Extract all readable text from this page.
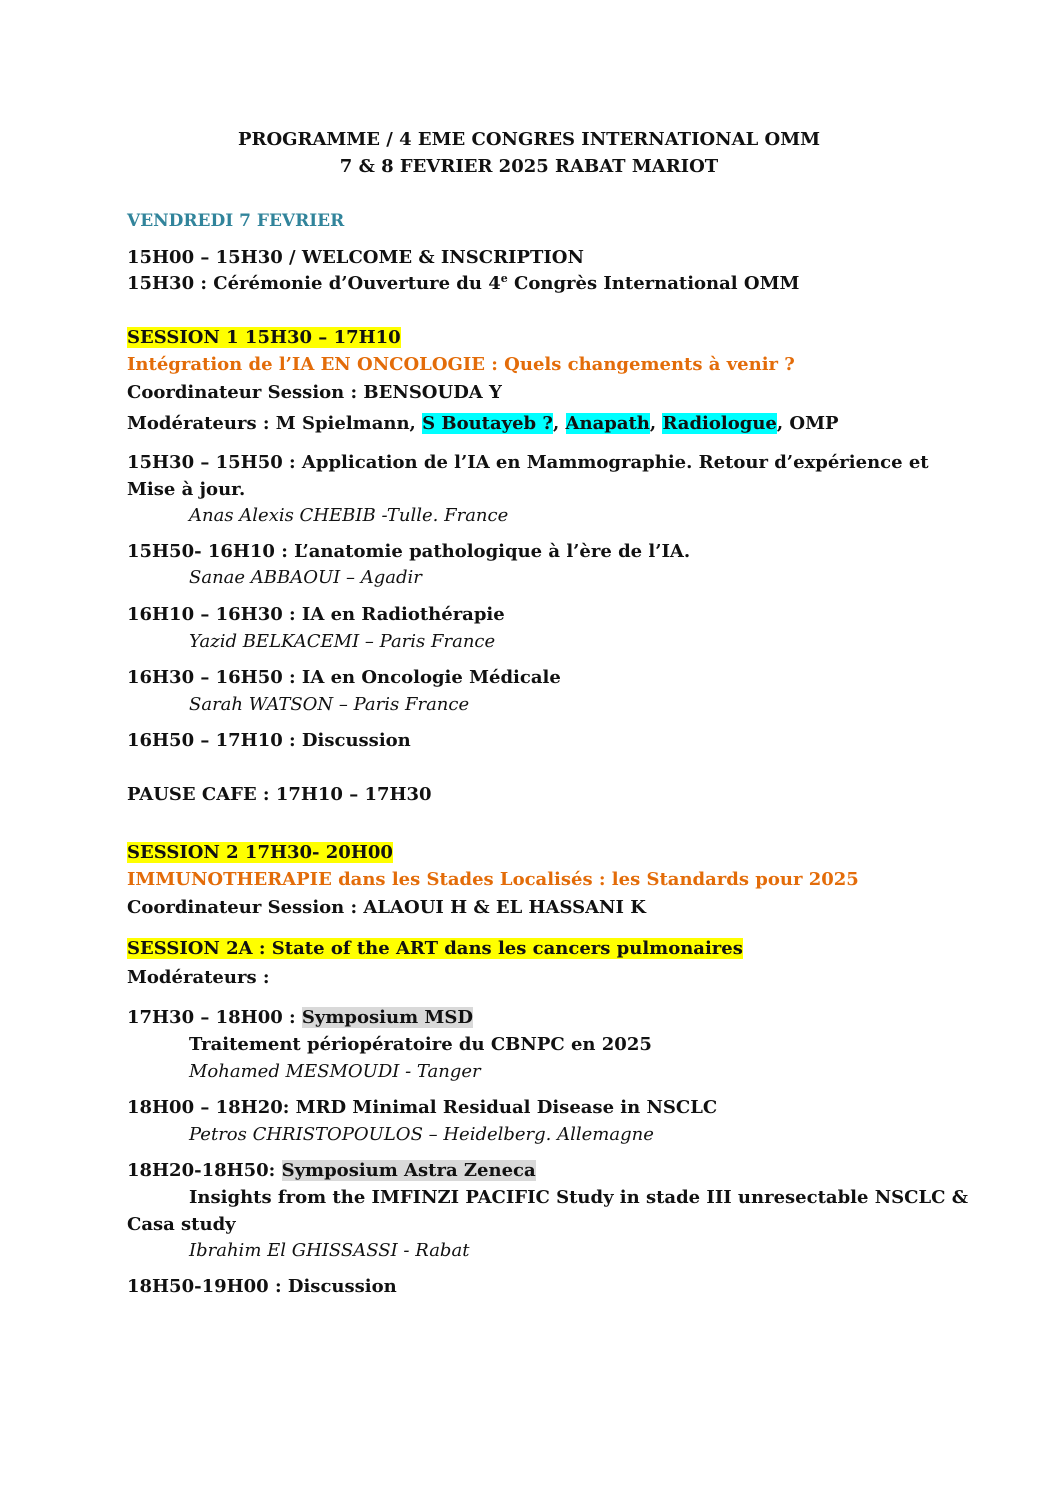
PROGRAMME / 4 EME CONGRES INTERNATIONAL OMM
7 & 8 FEVRIER 2025 RABAT MARIOT
VENDREDI 7 FEVRIER
15H00 – 15H30 / WELCOME & INSCRIPTION
15H30 : Cérémonie d’Ouverture du 4e Congrès International OMM
SESSION 1 15H30 – 17H10
Intégration de l’IA EN ONCOLOGIE : Quels changements à venir ?
Coordinateur Session : BENSOUDA Y
Modérateurs : M Spielmann, S Boutayeb ?, Anapath, Radiologue, OMP
15H30 – 15H50 : Application de l’IA en Mammographie. Retour d’expérience et
Mise à jour.
Anas Alexis CHEBIB -Tulle. France
15H50- 16H10 : L’anatomie pathologique à l’ère de l’IA.
Sanae ABBAOUI – Agadir
16H10 – 16H30 : IA en Radiothérapie
Yazid BELKACEMI – Paris France
16H30 – 16H50 : IA en Oncologie Médicale
Sarah WATSON – Paris France
16H50 – 17H10 : Discussion
PAUSE CAFE : 17H10 – 17H30
SESSION 2 17H30- 20H00
IMMUNOTHERAPIE dans les Stades Localisés : les Standards pour 2025
Coordinateur Session : ALAOUI H & EL HASSANI K
SESSION 2A : State of the ART dans les cancers pulmonaires
Modérateurs :
17H30 – 18H00 : Symposium MSD
Traitement périopératoire du CBNPC en 2025
Mohamed MESMOUDI - Tanger
18H00 – 18H20: MRD Minimal Residual Disease in NSCLC
Petros CHRISTOPOULOS – Heidelberg. Allemagne
18H20-18H50: Symposium Astra Zeneca
Insights from the IMFINZI PACIFIC Study in stade III unresectable NSCLC &
Casa study
Ibrahim El GHISSASSI - Rabat
18H50-19H00 : Discussion
